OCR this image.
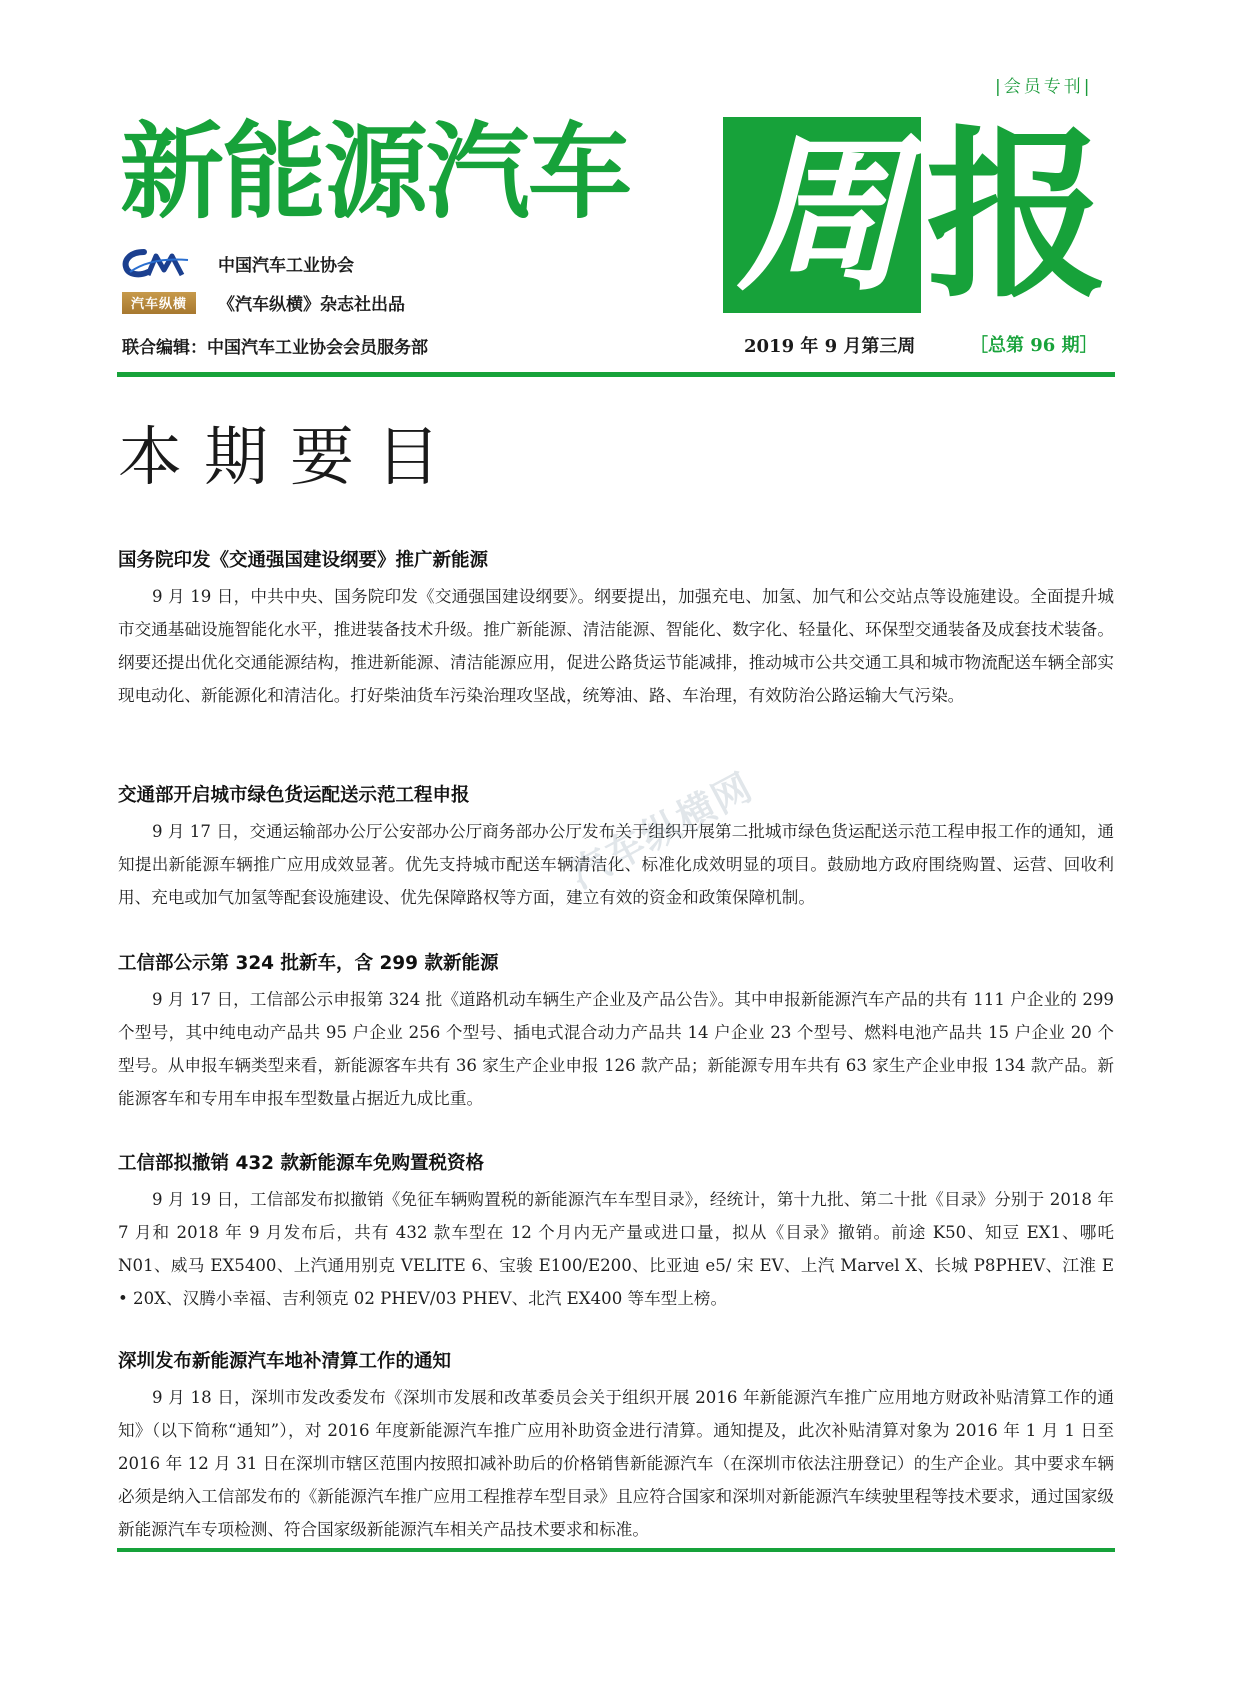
|会员专刊|
新能源汽车 周 报
中国汽车工业协会
汽车纵横	《汽车纵横》杂志社出品
联合编辑：中国汽车工业协会会员服务部	2019 年 9 月第三周	［总第 96 期］
本期要目
国务院印发《交通强国建设纲要》推广新能源

9 月 19 日，中共中央、国务院印发《交通强国建设纲要》。纲要提出，加强充电、加氢、加气和公交站点等设施建设。全面提升城市交通基础设施智能化水平，推进装备技术升级。推广新能源、清洁能源、智能化、数字化、轻量化、环保型交通装备及成套技术装备。纲要还提出优化交通能源结构，推进新能源、清洁能源应用，促进公路货运节能减排，推动城市公共交通工具和城市物流配送车辆全部实现电动化、新能源化和清洁化。打好柴油货车污染治理攻坚战，统筹油、路、车治理，有效防治公路运输大气污染。

交通部开启城市绿色货运配送示范工程申报

9 月 17 日，交通运输部办公厅公安部办公厅商务部办公厅发布关于组织开展第二批城市绿色货运配送示范工程申报工作的通知，通知提出新能源车辆推广应用成效显著。优先支持城市配送车辆清洁化、标准化成效明显的项目。鼓励地方政府围绕购置、运营、回收利用、充电或加气加氢等配套设施建设、优先保障路权等方面，建立有效的资金和政策保障机制。

工信部公示第 324 批新车，含 299 款新能源

9 月 17 日，工信部公示申报第 324 批《道路机动车辆生产企业及产品公告》。其中申报新能源汽车产品的共有 111 户企业的 299 个型号，其中纯电动产品共 95 户企业 256 个型号、插电式混合动力产品共 14 户企业 23 个型号、燃料电池产品共 15 户企业 20 个型号。从申报车辆类型来看，新能源客车共有 36 家生产企业申报 126 款产品；新能源专用车共有 63 家生产企业申报 134 款产品。新能源客车和专用车申报车型数量占据近九成比重。

工信部拟撤销 432 款新能源车免购置税资格

9 月 19 日，工信部发布拟撤销《免征车辆购置税的新能源汽车车型目录》，经统计，第十九批、第二十批《目录》分别于 2018 年 7 月和 2018 年 9 月发布后，共有 432 款车型在 12 个月内无产量或进口量，拟从《目录》撤销。前途 K50、知豆 EX1、哪吒 N01、威马 EX5400、上汽通用别克 VELITE 6、宝骏 E100/E200、比亚迪 e5/ 宋 EV、上汽 Marvel X、长城 P8PHEV、江淮 E • 20X、汉腾小幸福、吉利领克 02 PHEV/03 PHEV、北汽 EX400 等车型上榜。

深圳发布新能源汽车地补清算工作的通知

9 月 18 日，深圳市发改委发布《深圳市发展和改革委员会关于组织开展 2016 年新能源汽车推广应用地方财政补贴清算工作的通知》（以下简称“通知”），对 2016 年度新能源汽车推广应用补助资金进行清算。通知提及，此次补贴清算对象为 2016 年 1 月 1 日至 2016 年 12 月 31 日在深圳市辖区范围内按照扣减补助后的价格销售新能源汽车（在深圳市依法注册登记）的生产企业。其中要求车辆必须是纳入工信部发布的《新能源汽车推广应用工程推荐车型目录》且应符合国家和深圳对新能源汽车续驶里程等技术要求，通过国家级新能源汽车专项检测、符合国家级新能源汽车相关产品技术要求和标准。

汽车纵横网
